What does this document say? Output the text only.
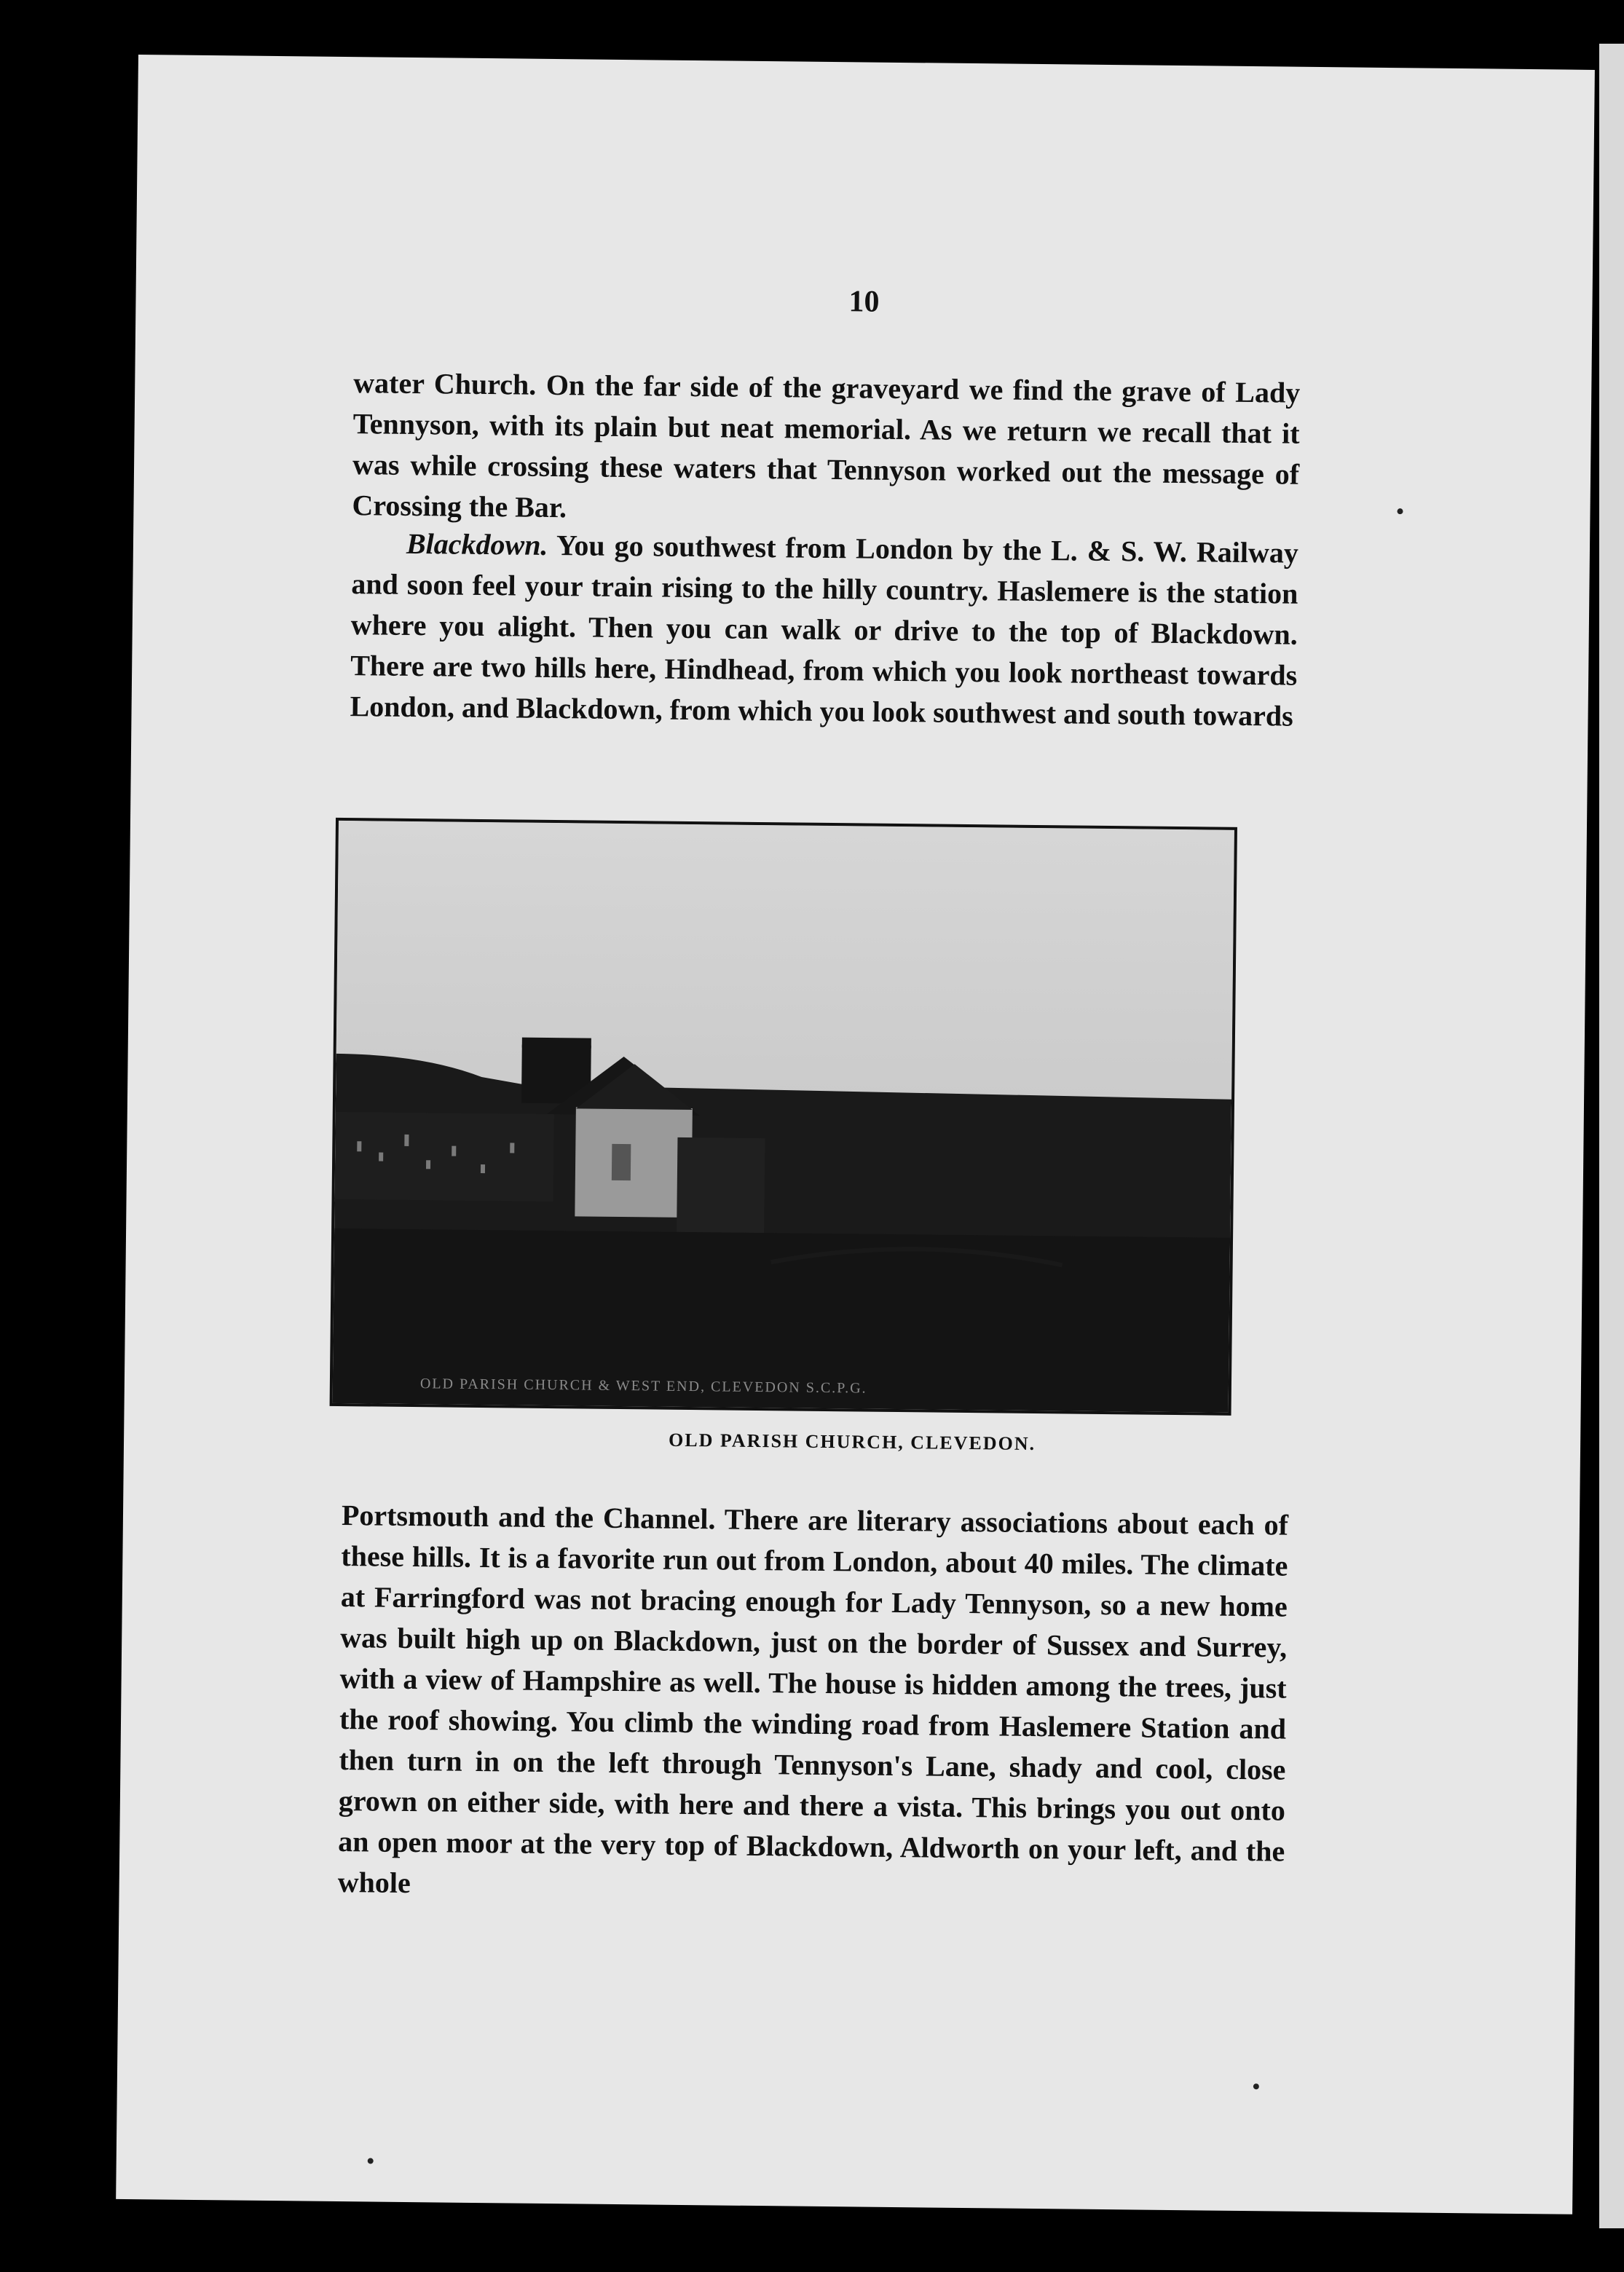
10

water Church. On the far side of the graveyard we find the grave of Lady Tennyson, with its plain but neat memorial. As we return we recall that it was while crossing these waters that Tennyson worked out the message of Crossing the Bar.

Blackdown. You go southwest from London by the L. & S. W. Railway and soon feel your train rising to the hilly country. Haslemere is the station where you alight. Then you can walk or drive to the top of Blackdown. There are two hills here, Hindhead, from which you look northeast towards London, and Blackdown, from which you look southwest and south towards

OLD PARISH CHURCH & WEST END, CLEVEDON S.C.P.G.
OLD PARISH CHURCH, CLEVEDON.

Portsmouth and the Channel. There are literary associations about each of these hills. It is a favorite run out from London, about 40 miles. The climate at Farringford was not bracing enough for Lady Tennyson, so a new home was built high up on Blackdown, just on the border of Sussex and Surrey, with a view of Hampshire as well. The house is hidden among the trees, just the roof showing. You climb the winding road from Haslemere Station and then turn in on the left through Tennyson's Lane, shady and cool, close grown on either side, with here and there a vista. This brings you out onto an open moor at the very top of Blackdown, Aldworth on your left, and the whole
